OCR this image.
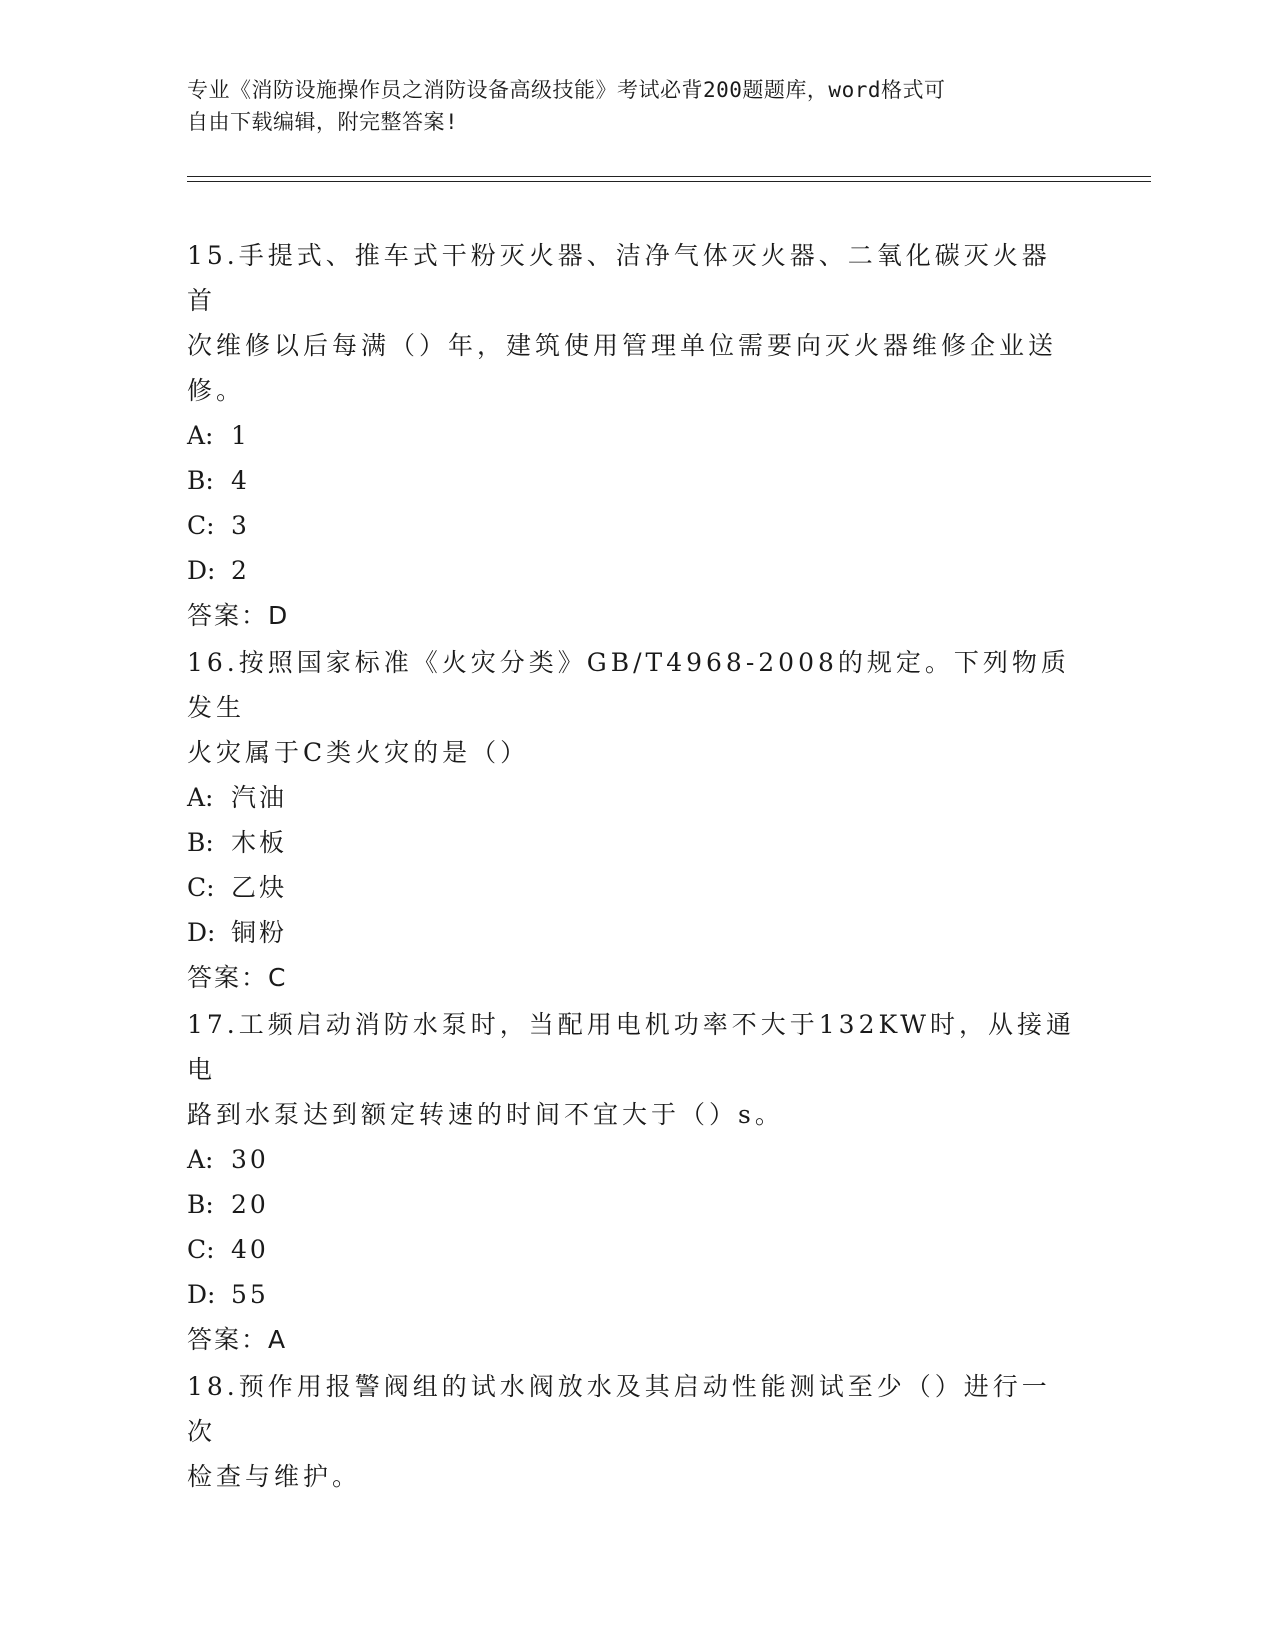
专业《消防设施操作员之消防设备高级技能》考试必背200题题库，word格式可
自由下载编辑，附完整答案!

15.手提式、推车式干粉灭火器、洁净气体灭火器、二氧化碳灭火器首

次维修以后每满（）年，建筑使用管理单位需要向灭火器维修企业送

修。

A: 1

B: 4

C: 3

D: 2

答案：D

16.按照国家标准《火灾分类》GB/T4968-2008的规定。下列物质发生

火灾属于C类火灾的是（）

A: 汽油

B: 木板

C: 乙炔

D: 铜粉

答案：C

17.工频启动消防水泵时，当配用电机功率不大于132KW时，从接通电

路到水泵达到额定转速的时间不宜大于（）s。

A: 30

B: 20

C: 40

D: 55

答案：A

18.预作用报警阀组的试水阀放水及其启动性能测试至少（）进行一次

检查与维护。
